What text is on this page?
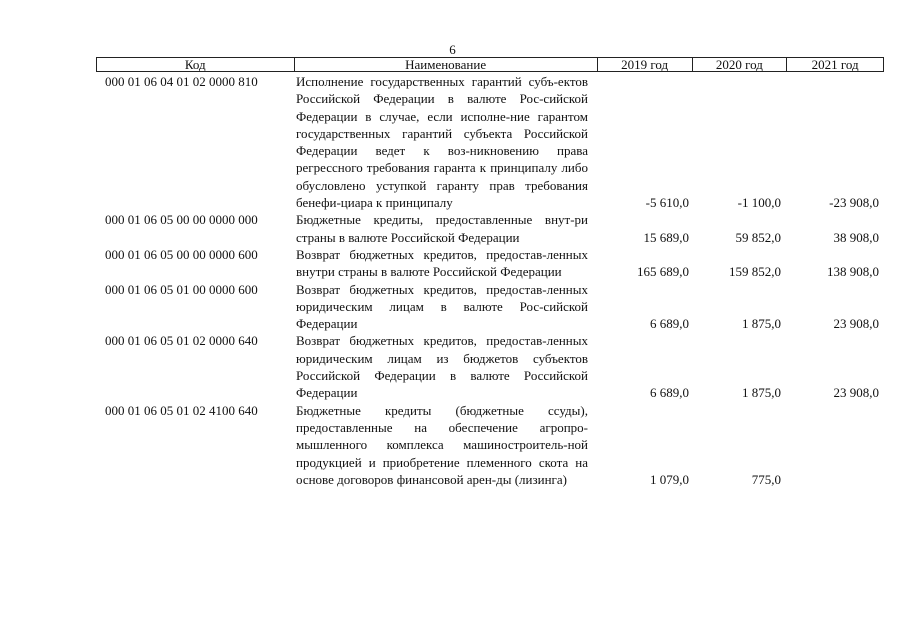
6
Код	Наименование	2019 год	2020 год	2021 год
000 01 06 04 01 02 0000 810	Исполнение государственных гарантий субъ-ектов Российской Федерации в валюте Рос-сийской Федерации в случае, если исполне-ние гарантом государственных гарантий субъекта Российской Федерации ведет к воз-никновению права регрессного требования гаранта к принципалу либо обусловлено уступкой гаранту прав требования бенефи-циара к принципалу	-5 610,0	-1 100,0	-23 908,0
000 01 06 05 00 00 0000 000	Бюджетные кредиты, предоставленные внут-ри страны в валюте Российской Федерации	15 689,0	59 852,0	38 908,0
000 01 06 05 00 00 0000 600	Возврат бюджетных кредитов, предостав-ленных внутри страны в валюте Российской Федерации	165 689,0	159 852,0	138 908,0
000 01 06 05 01 00 0000 600	Возврат бюджетных кредитов, предостав-ленных юридическим лицам в валюте Рос-сийской Федерации	6 689,0	1 875,0	23 908,0
000 01 06 05 01 02 0000 640	Возврат бюджетных кредитов, предостав-ленных юридическим лицам из бюджетов субъектов Российской Федерации в валюте Российской Федерации	6 689,0	1 875,0	23 908,0
000 01 06 05 01 02 4100 640	Бюджетные кредиты (бюджетные ссуды), предоставленные на обеспечение агропро-мышленного комплекса машиностроитель-ной продукцией и приобретение племенного скота на основе договоров финансовой арен-ды (лизинга)	1 079,0	775,0
